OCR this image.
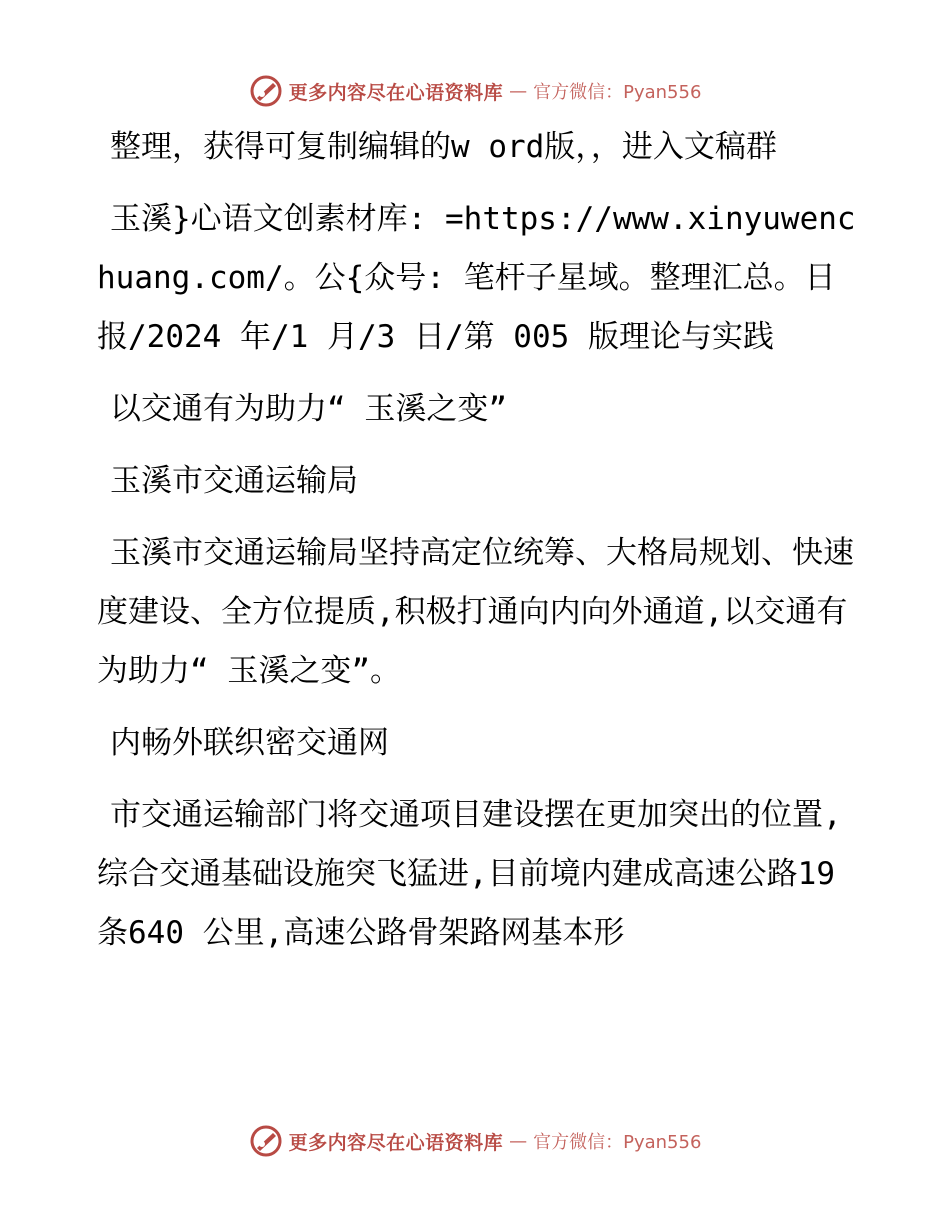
更多内容尽在心语资料库 — 官方微信：Pyan556

整理，获得可复制编辑的w ord版，，进入文稿群

玉溪}心语文创素材库: =https://www.xinyuwenchuang.com/。公{众号: 笔杆子星域。整理汇总。日报/2024 年/1 月/3 日/第 005 版理论与实践

以交通有为助力“ 玉溪之变”

玉溪市交通运输局

玉溪市交通运输局坚持高定位统筹、大格局规划、快速度建设、全方位提质,积极打通向内向外通道,以交通有为助力“ 玉溪之变”。

内畅外联织密交通网

市交通运输部门将交通项目建设摆在更加突出的位置,综合交通基础设施突飞猛进,目前境内建成高速公路19 条640 公里,高速公路骨架路网基本形

更多内容尽在心语资料库 — 官方微信：Pyan556
